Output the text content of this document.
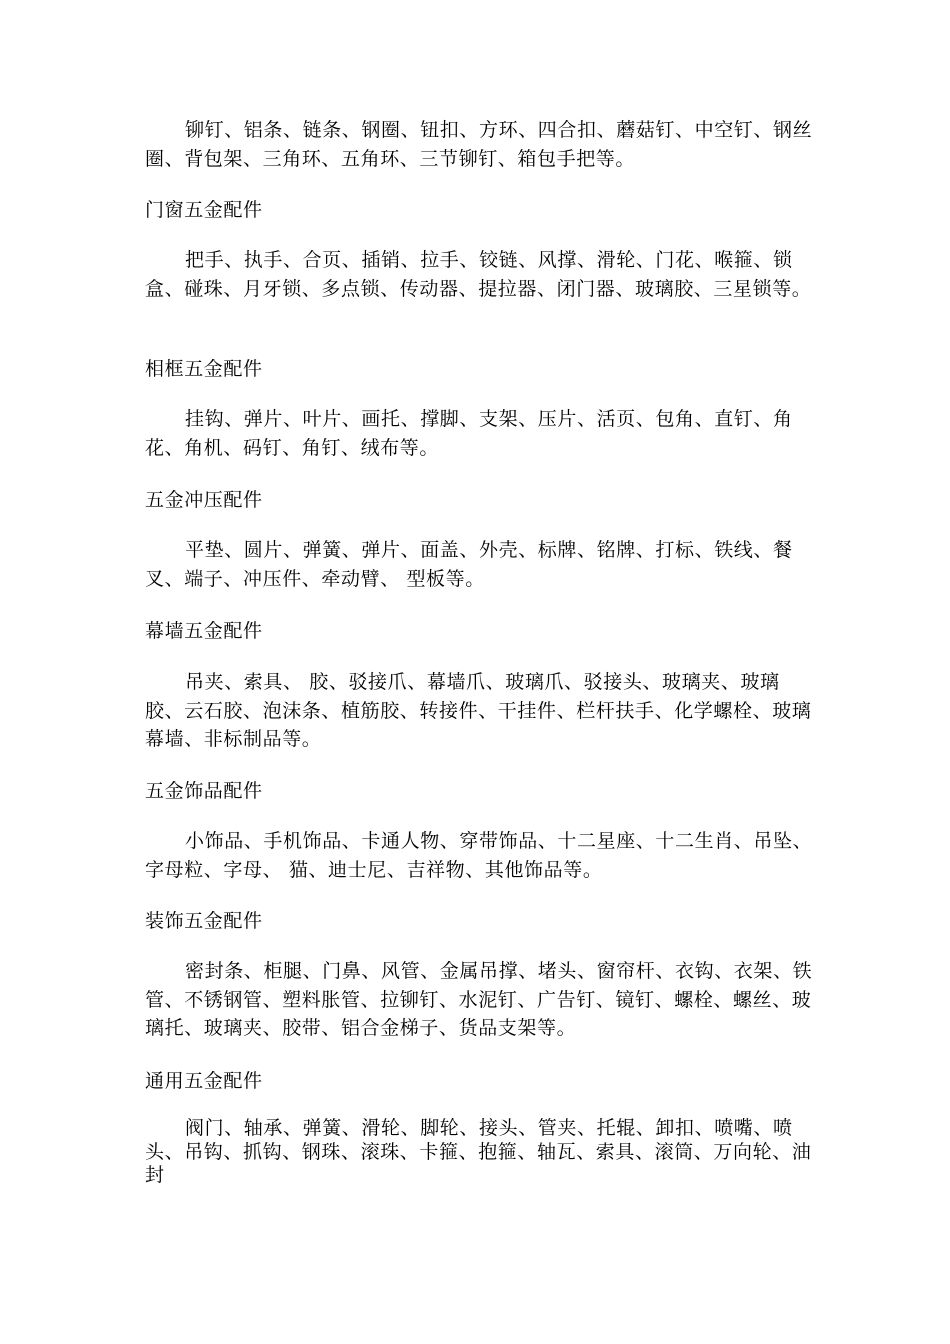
铆钉、铝条、链条、钢圈、钮扣、方环、四合扣、蘑菇钉、中空钉、钢丝圈、背包架、三角环、五角环、三节铆钉、箱包手把等。
门窗五金配件
把手、执手、合页、插销、拉手、铰链、风撑、滑轮、门花、喉箍、锁盒、碰珠、月牙锁、多点锁、传动器、提拉器、闭门器、玻璃胶、三星锁等。
相框五金配件
挂钩、弹片、叶片、画托、撑脚、支架、压片、活页、包角、直钉、角花、角机、码钉、角钉、绒布等。
五金冲压配件
平垫、圆片、弹簧、弹片、面盖、外壳、标牌、铭牌、打标、铁线、餐叉、端子、冲压件、牵动臂、 型板等。
幕墙五金配件
吊夹、索具、 胶、驳接爪、幕墙爪、玻璃爪、驳接头、玻璃夹、玻璃胶、云石胶、泡沫条、植筋胶、转接件、干挂件、栏杆扶手、化学螺栓、玻璃幕墙、非标制品等。
五金饰品配件
小饰品、手机饰品、卡通人物、穿带饰品、十二星座、十二生肖、吊坠、字母粒、字母、 猫、迪士尼、吉祥物、其他饰品等。
装饰五金配件
密封条、柜腿、门鼻、风管、金属吊撑、堵头、窗帘杆、衣钩、衣架、铁管、不锈钢管、塑料胀管、拉铆钉、水泥钉、广告钉、镜钉、螺栓、螺丝、玻璃托、玻璃夹、胶带、铝合金梯子、货品支架等。
通用五金配件
阀门、轴承、弹簧、滑轮、脚轮、接头、管夹、托辊、卸扣、喷嘴、喷头、吊钩、抓钩、钢珠、滚珠、卡箍、抱箍、轴瓦、索具、滚筒、万向轮、油封
